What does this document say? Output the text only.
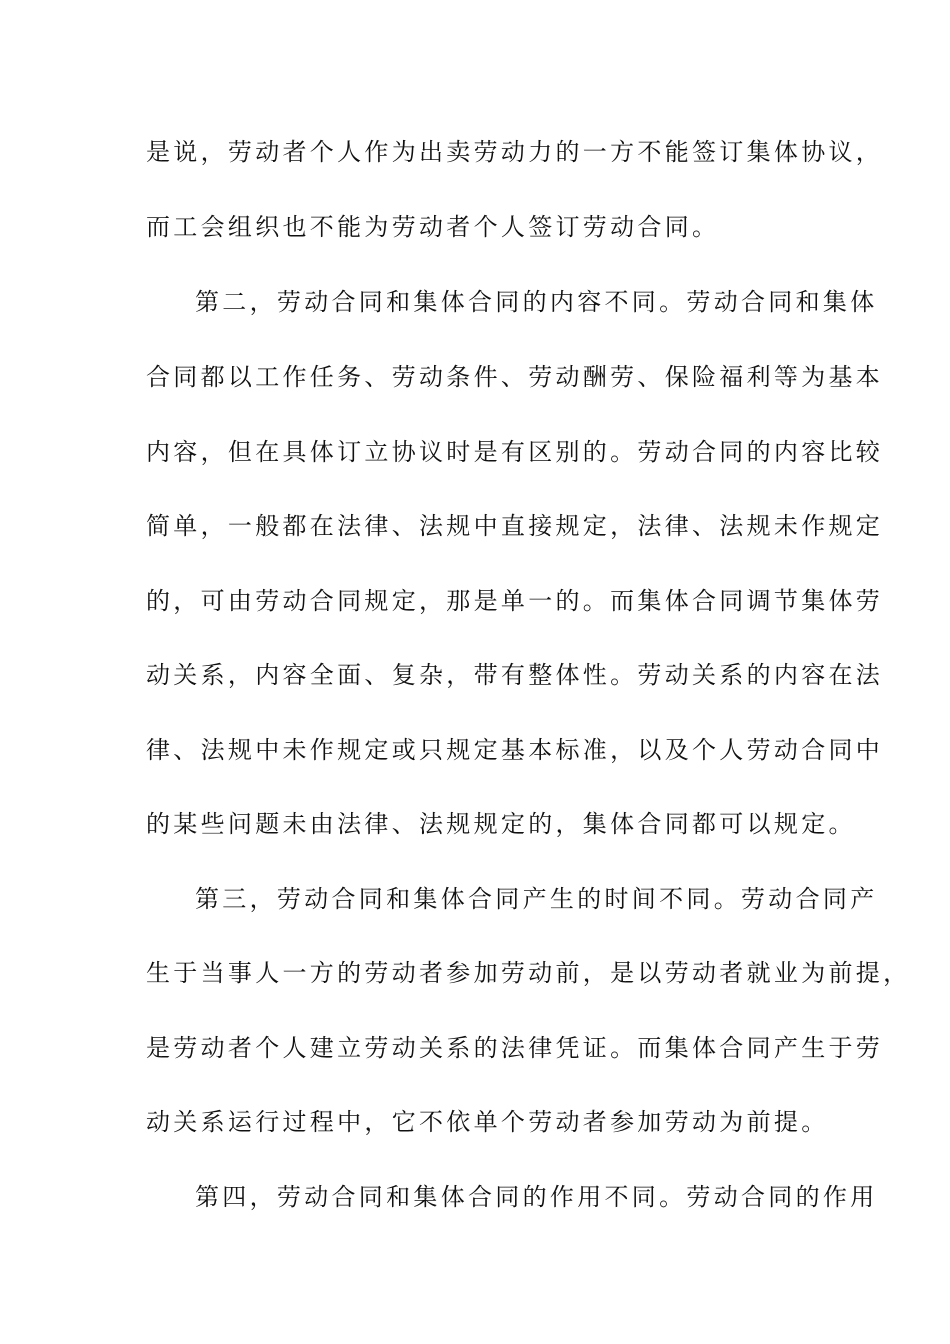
是说，劳动者个人作为出卖劳动力的一方不能签订集体协议，
而工会组织也不能为劳动者个人签订劳动合同。
第二，劳动合同和集体合同的内容不同。劳动合同和集体
合同都以工作任务、劳动条件、劳动酬劳、保险福利等为基本
内容，但在具体订立协议时是有区别的。劳动合同的内容比较
简单，一般都在法律、法规中直接规定，法律、法规未作规定
的，可由劳动合同规定，那是单一的。而集体合同调节集体劳
动关系，内容全面、复杂，带有整体性。劳动关系的内容在法
律、法规中未作规定或只规定基本标准，以及个人劳动合同中
的某些问题未由法律、法规规定的，集体合同都可以规定。
第三，劳动合同和集体合同产生的时间不同。劳动合同产
生于当事人一方的劳动者参加劳动前，是以劳动者就业为前提，
是劳动者个人建立劳动关系的法律凭证。而集体合同产生于劳
动关系运行过程中，它不依单个劳动者参加劳动为前提。
第四，劳动合同和集体合同的作用不同。劳动合同的作用
